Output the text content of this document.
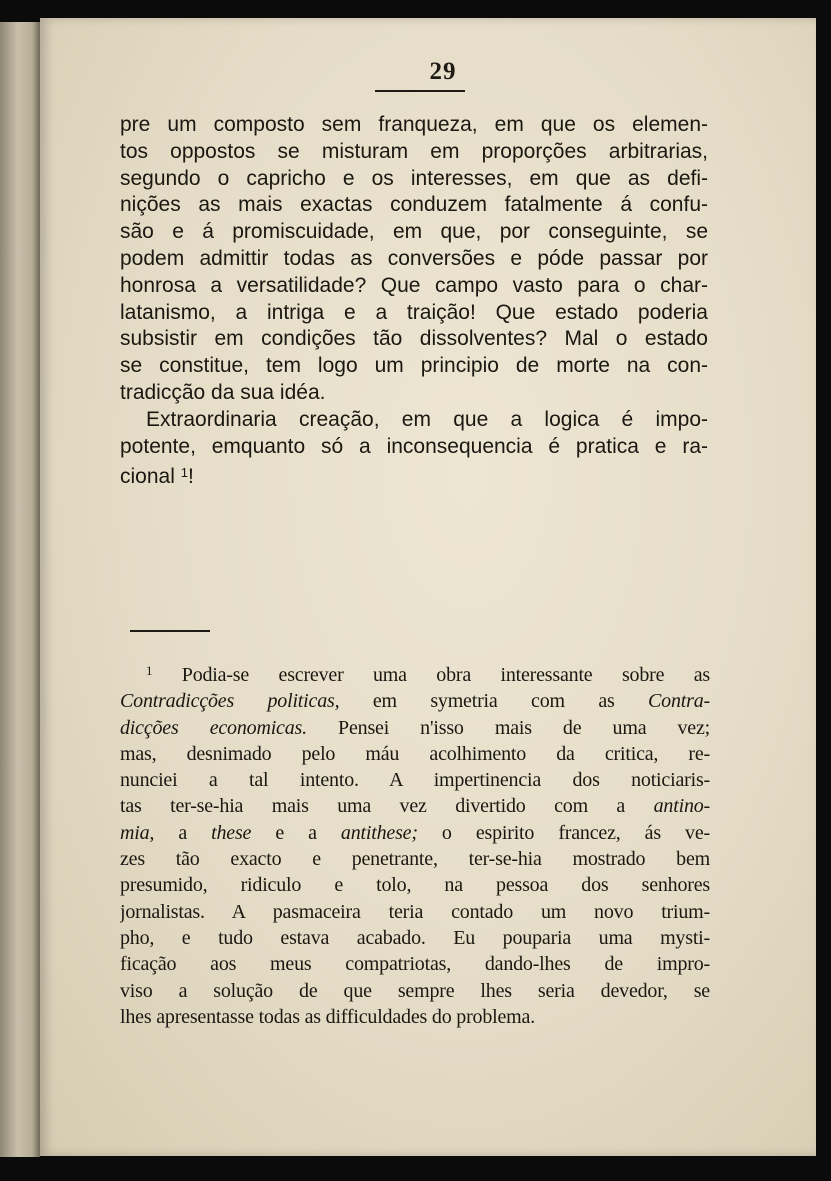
29

pre um composto sem franqueza, em que os elemen-
tos oppostos se misturam em proporções arbitrarias,
segundo o capricho e os interesses, em que as defi-
nições as mais exactas conduzem fatalmente á confu-
são e á promiscuidade, em que, por conseguinte, se
podem admittir todas as conversões e póde passar por
honrosa a versatilidade? Que campo vasto para o char-
latanismo, a intriga e a traição! Que estado poderia
subsistir em condições tão dissolventes? Mal o estado
se constitue, tem logo um principio de morte na con-
tradicção da sua idéa.
Extraordinaria creação, em que a logica é impo-
potente, emquanto só a inconsequencia é pratica e ra-
cional $^1$!
$^1$ Podia-se escrever uma obra interessante sobre as
Contradicções politicas, em symetria com as Contra-
dicções economicas. Pensei n'isso mais de uma vez;
mas, desnimado pelo máu acolhimento da critica, re-
nunciei a tal intento. A impertinencia dos noticiaris-
tas ter-se-hia mais uma vez divertido com a antino-
mia, a these e a antithese; o espirito francez, ás ve-
zes tão exacto e penetrante, ter-se-hia mostrado bem
presumido, ridiculo e tolo, na pessoa dos senhores
jornalistas. A pasmaceira teria contado um novo trium-
pho, e tudo estava acabado. Eu pouparia uma mysti-
ficação aos meus compatriotas, dando-lhes de impro-
viso a solução de que sempre lhes seria devedor, se
lhes apresentasse todas as difficuldades do problema.
